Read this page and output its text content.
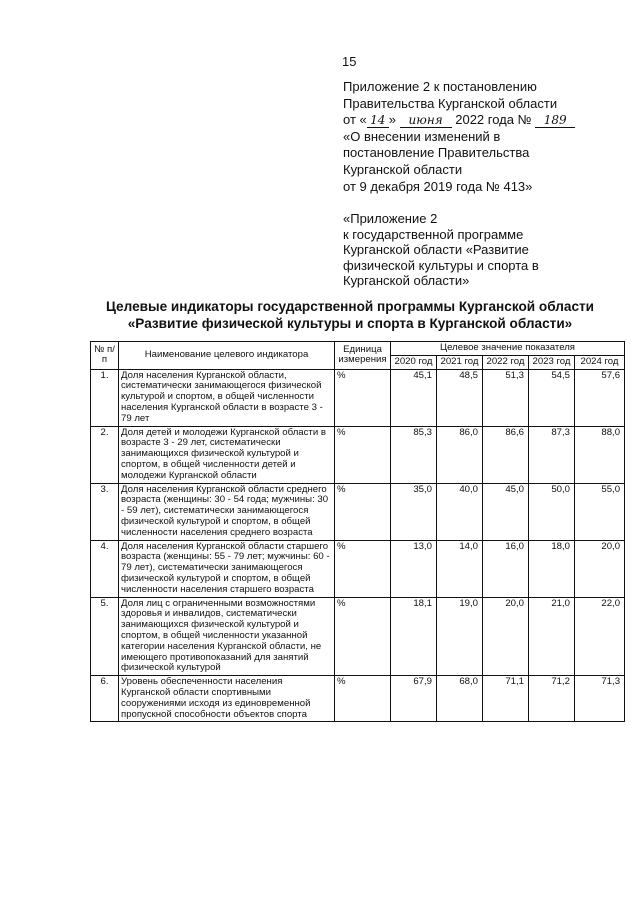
15
Приложение 2 к постановлению
Правительства Курганской области
от « 14 » июня 2022 года № 189
«О внесении изменений в
постановление Правительства
Курганской области
от 9 декабря 2019 года № 413»
«Приложение 2
к государственной программе
Курганской области «Развитие
физической культуры и спорта в
Курганской области»
Целевые индикаторы государственной программы Курганской области
«Развитие физической культуры и спорта в Курганской области»
№ п/п	Наименование целевого индикатора	Единица измерения	Целевое значение показателя				
			2020 год	2021 год	2022 год	2023 год	2024 год
1.	Доля населения Курганской области, систематически занимающегося физической культурой и спортом, в общей численности населения Курганской области в возрасте 3 - 79 лет	%	45,1	48,5	51,3	54,5	57,6
2.	Доля детей и молодежи Курганской области в возрасте 3 - 29 лет, систематически занимающихся физической культурой и спортом, в общей численности детей и молодежи Курганской области	%	85,3	86,0	86,6	87,3	88,0
3.	Доля населения Курганской области среднего возраста (женщины: 30 - 54 года; мужчины: 30 - 59 лет), систематически занимающегося физической культурой и спортом, в общей численности населения среднего возраста	%	35,0	40,0	45,0	50,0	55,0
4.	Доля населения Курганской области старшего возраста (женщины: 55 - 79 лет; мужчины: 60 - 79 лет), систематически занимающегося физической культурой и спортом, в общей численности населения старшего возраста	%	13,0	14,0	16,0	18,0	20,0
5.	Доля лиц с ограниченными возможностями здоровья и инвалидов, систематически занимающихся физической культурой и спортом, в общей численности указанной категории населения Курганской области, не имеющего противопоказаний для занятий физической культурой	%	18,1	19,0	20,0	21,0	22,0
6.	Уровень обеспеченности населения Курганской области спортивными сооружениями исходя из единовременной пропускной способности объектов спорта	%	67,9	68,0	71,1	71,2	71,3
